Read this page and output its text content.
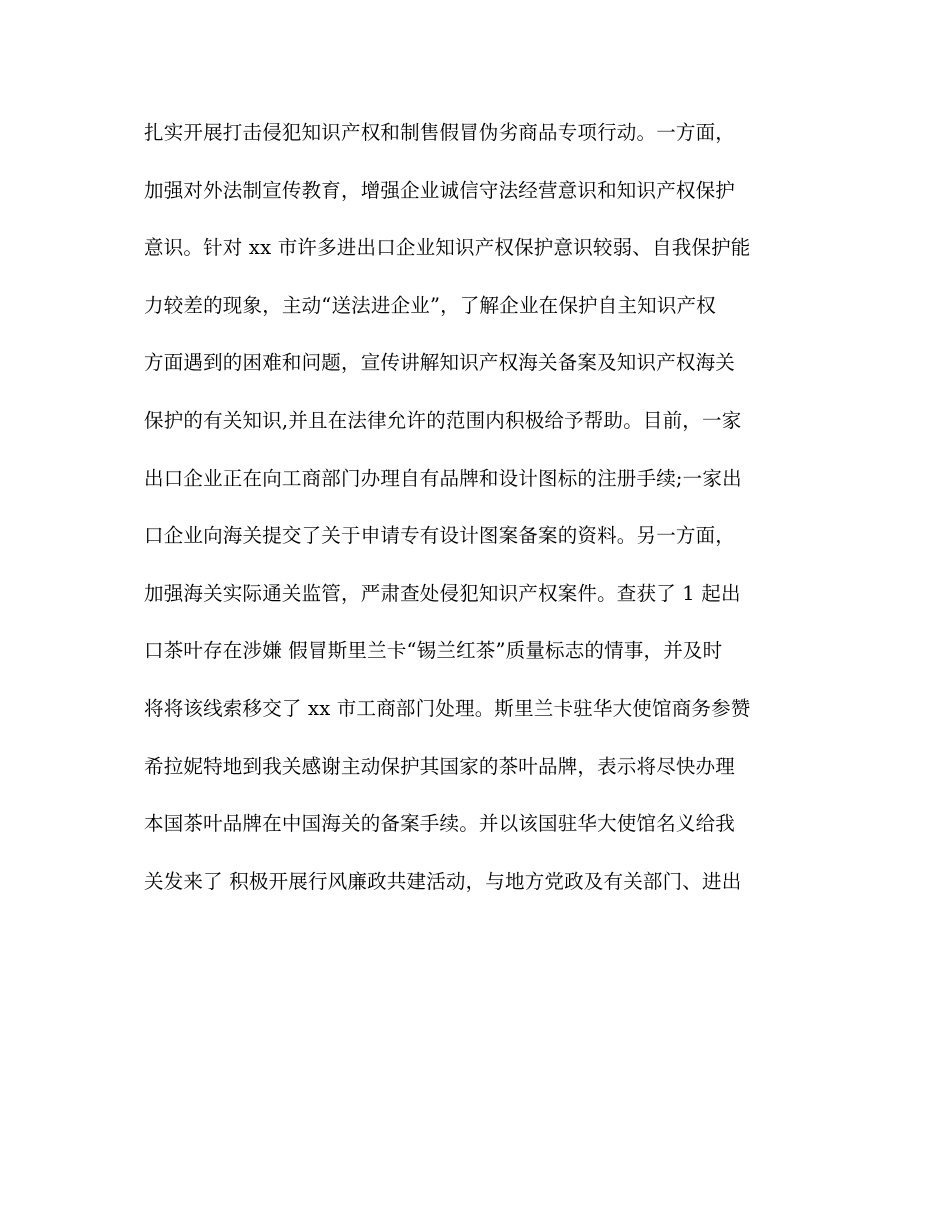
扎实开展打击侵犯知识产权和制售假冒伪劣商品专项行动。一方面，
加强对外法制宣传教育，增强企业诚信守法经营意识和知识产权保护
意识。针对 xx 市许多进出口企业知识产权保护意识较弱、自我保护能
力较差的现象，主动“送法进企业”，了解企业在保护自主知识产权
方面遇到的困难和问题，宣传讲解知识产权海关备案及知识产权海关
保护的有关知识,并且在法律允许的范围内积极给予帮助。目前，一家
出口企业正在向工商部门办理自有品牌和设计图标的注册手续;一家出
口企业向海关提交了关于申请专有设计图案备案的资料。另一方面，
加强海关实际通关监管，严肃查处侵犯知识产权案件。查获了 1 起出
口茶叶存在涉嫌 假冒斯里兰卡“锡兰红茶”质量标志的情事，并及时
将将该线索移交了 xx 市工商部门处理。斯里兰卡驻华大使馆商务参赞
希拉妮特地到我关感谢主动保护其国家的茶叶品牌，表示将尽快办理
本国茶叶品牌在中国海关的备案手续。并以该国驻华大使馆名义给我
关发来了 积极开展行风廉政共建活动，与地方党政及有关部门、进出
